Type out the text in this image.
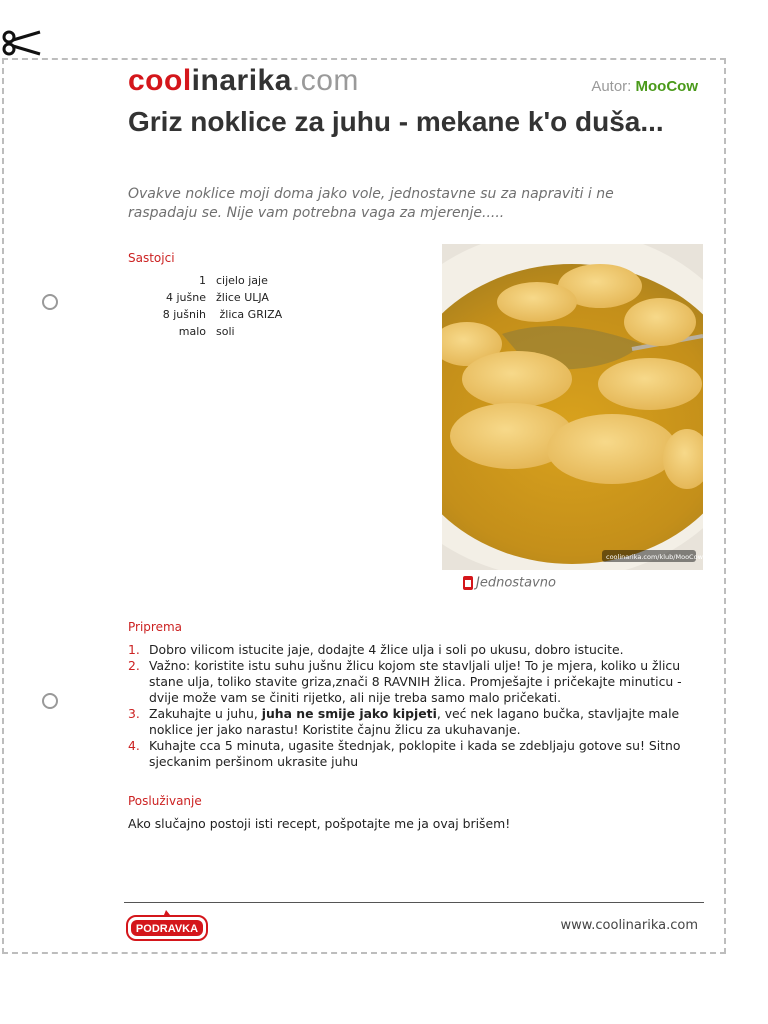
coolinarika.com	Autor: MooCow
Griz noklice za juhu - mekane k'o duša...

Ovakve noklice moji doma jako vole, jednostavne su za napraviti i ne raspadaju se. Nije vam potrebna vaga za mjerenje.....

Sastojci

1 cijelo jaje
4 jušne žlice ULJA
8 jušnih žlica GRIZA
malo soli
coolinarika.com/klub/MooCow
Jednostavno

Priprema

1. Dobro vilicom istucite jaje, dodajte 4 žlice ulja i soli po ukusu, dobro istucite.
2. Važno: koristite istu suhu jušnu žlicu kojom ste stavljali ulje! To je mjera, koliko u žlicu stane ulja, toliko stavite griza,znači 8 RAVNIH žlica. Promješajte i pričekajte minuticu - dvije može vam se činiti rijetko, ali nije treba samo malo pričekati.
3. Zakuhajte u juhu, juha ne smije jako kipjeti, već nek lagano bučka, stavljajte male noklice jer jako narastu! Koristite čajnu žlicu za ukuhavanje.
4. Kuhajte cca 5 minuta, ugasite štednjak, poklopite i kada se zdebljaju gotove su! Sitno sjeckanim peršinom ukrasite juhu

Posluživanje

Ako slučajno postoji isti recept, pošpotajte me ja ovaj brišem!

PODRAVKA	www.coolinarika.com
